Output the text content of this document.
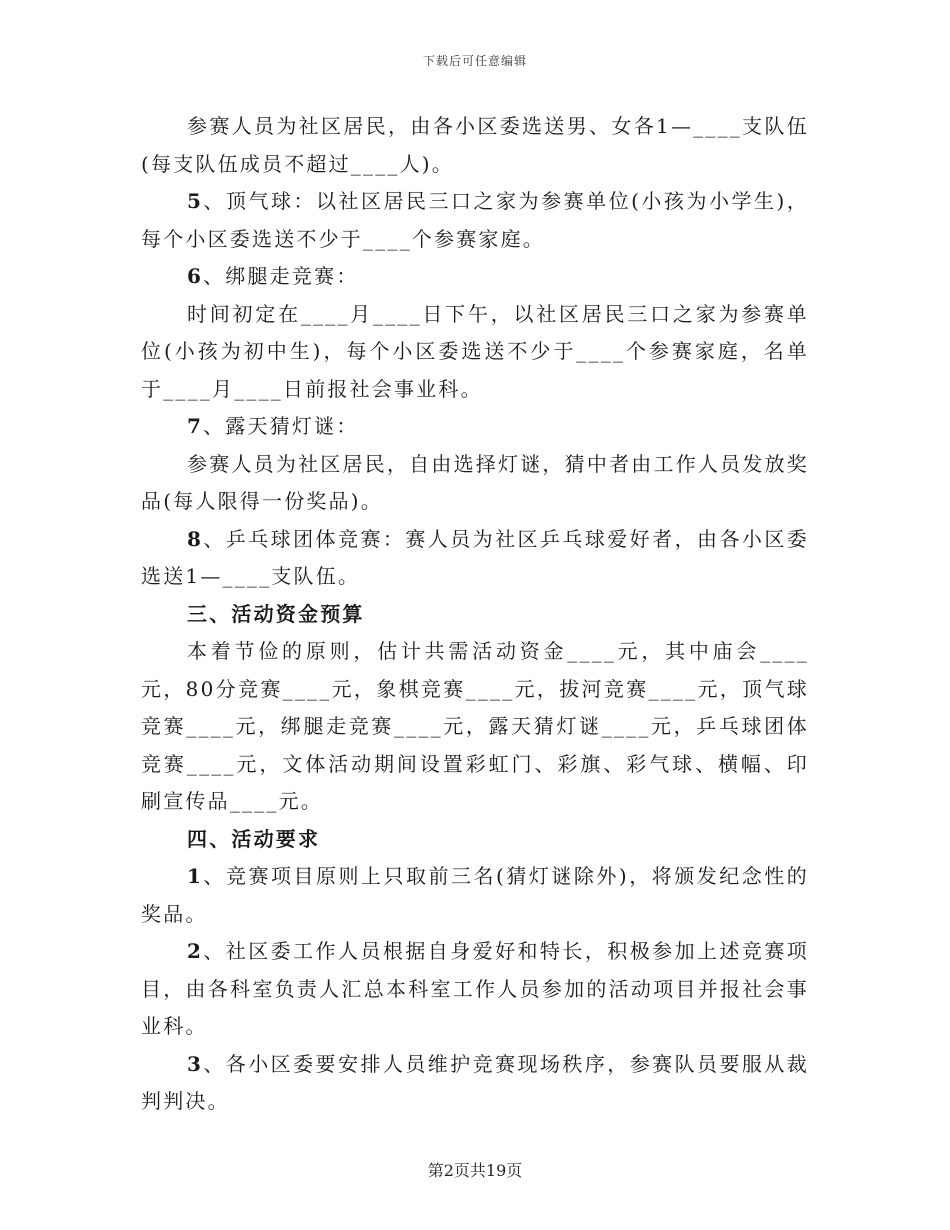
下载后可任意编辑

参赛人员为社区居民，由各小区委选送男、女各1—____支队伍(每支队伍成员不超过____人)。

5、顶气球：以社区居民三口之家为参赛单位(小孩为小学生)，每个小区委选送不少于____个参赛家庭。

6、绑腿走竞赛：

时间初定在____月____日下午，以社区居民三口之家为参赛单位(小孩为初中生)，每个小区委选送不少于____个参赛家庭，名单于____月____日前报社会事业科。

7、露天猜灯谜：

参赛人员为社区居民，自由选择灯谜，猜中者由工作人员发放奖品(每人限得一份奖品)。

8、乒乓球团体竞赛：赛人员为社区乒乓球爱好者，由各小区委选送1—____支队伍。

三、活动资金预算

本着节俭的原则，估计共需活动资金____元，其中庙会____元，80分竞赛____元，象棋竞赛____元，拔河竞赛____元，顶气球竞赛____元，绑腿走竞赛____元，露天猜灯谜____元，乒乓球团体竞赛____元，文体活动期间设置彩虹门、彩旗、彩气球、横幅、印刷宣传品____元。

四、活动要求

1、竞赛项目原则上只取前三名(猜灯谜除外)，将颁发纪念性的奖品。

2、社区委工作人员根据自身爱好和特长，积极参加上述竞赛项目，由各科室负责人汇总本科室工作人员参加的活动项目并报社会事业科。

3、各小区委要安排人员维护竞赛现场秩序，参赛队员要服从裁判判决。

第2页共19页
